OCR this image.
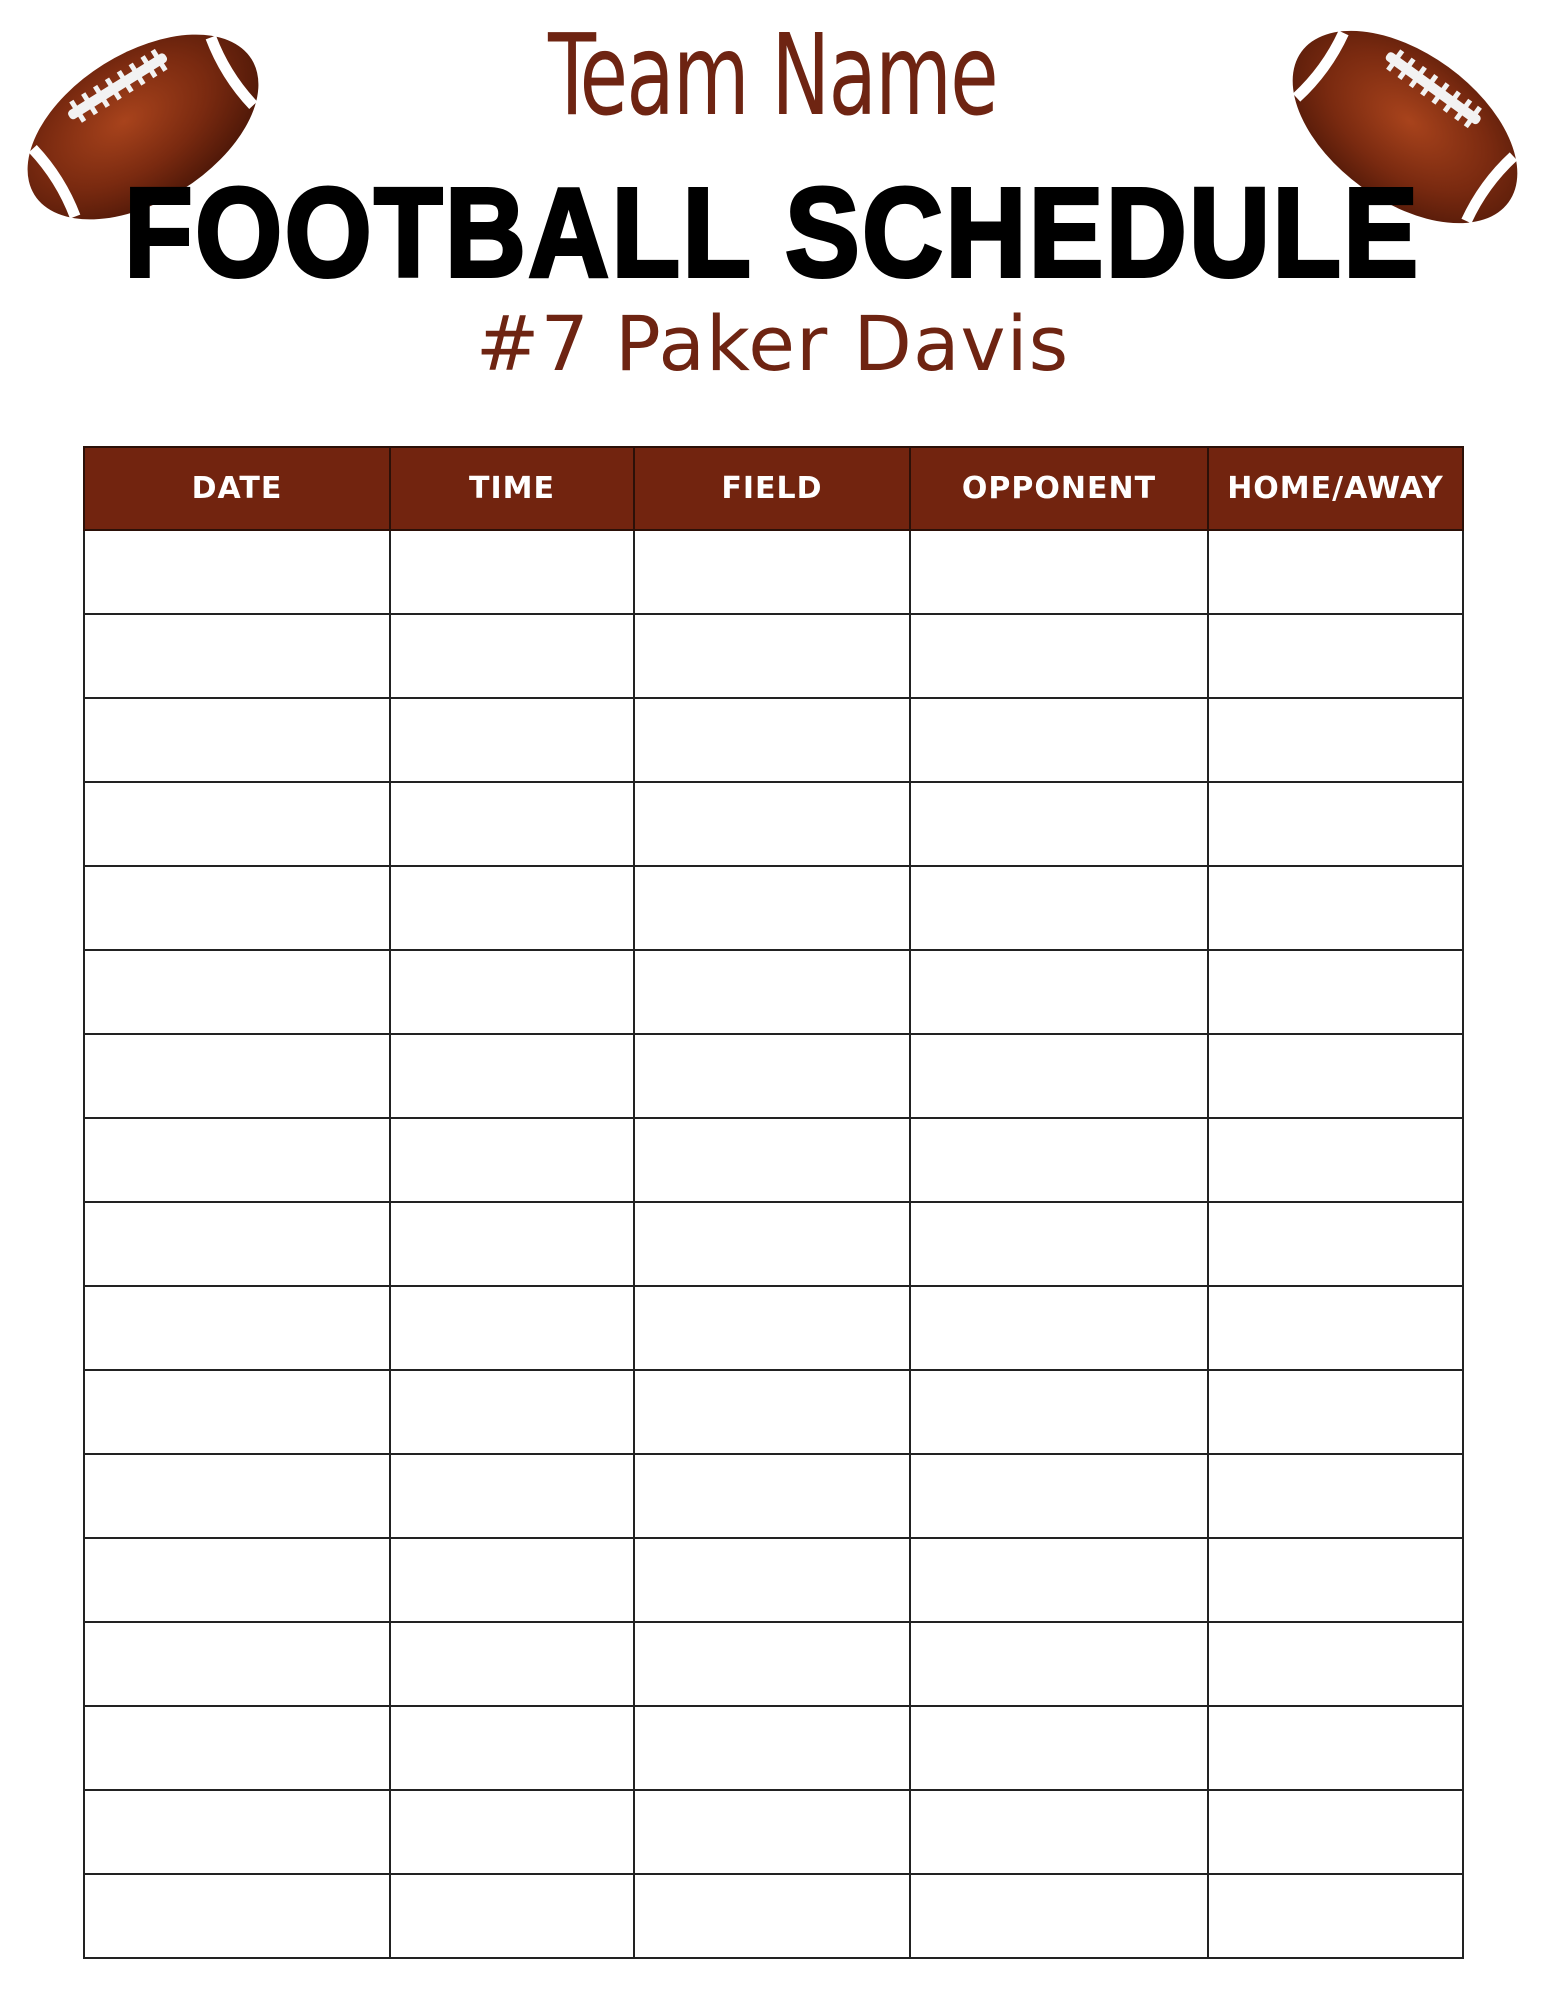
Team Name
FOOTBALL SCHEDULE
#7 Paker Davis
DATE	TIME	FIELD	OPPONENT	HOME/AWAY
